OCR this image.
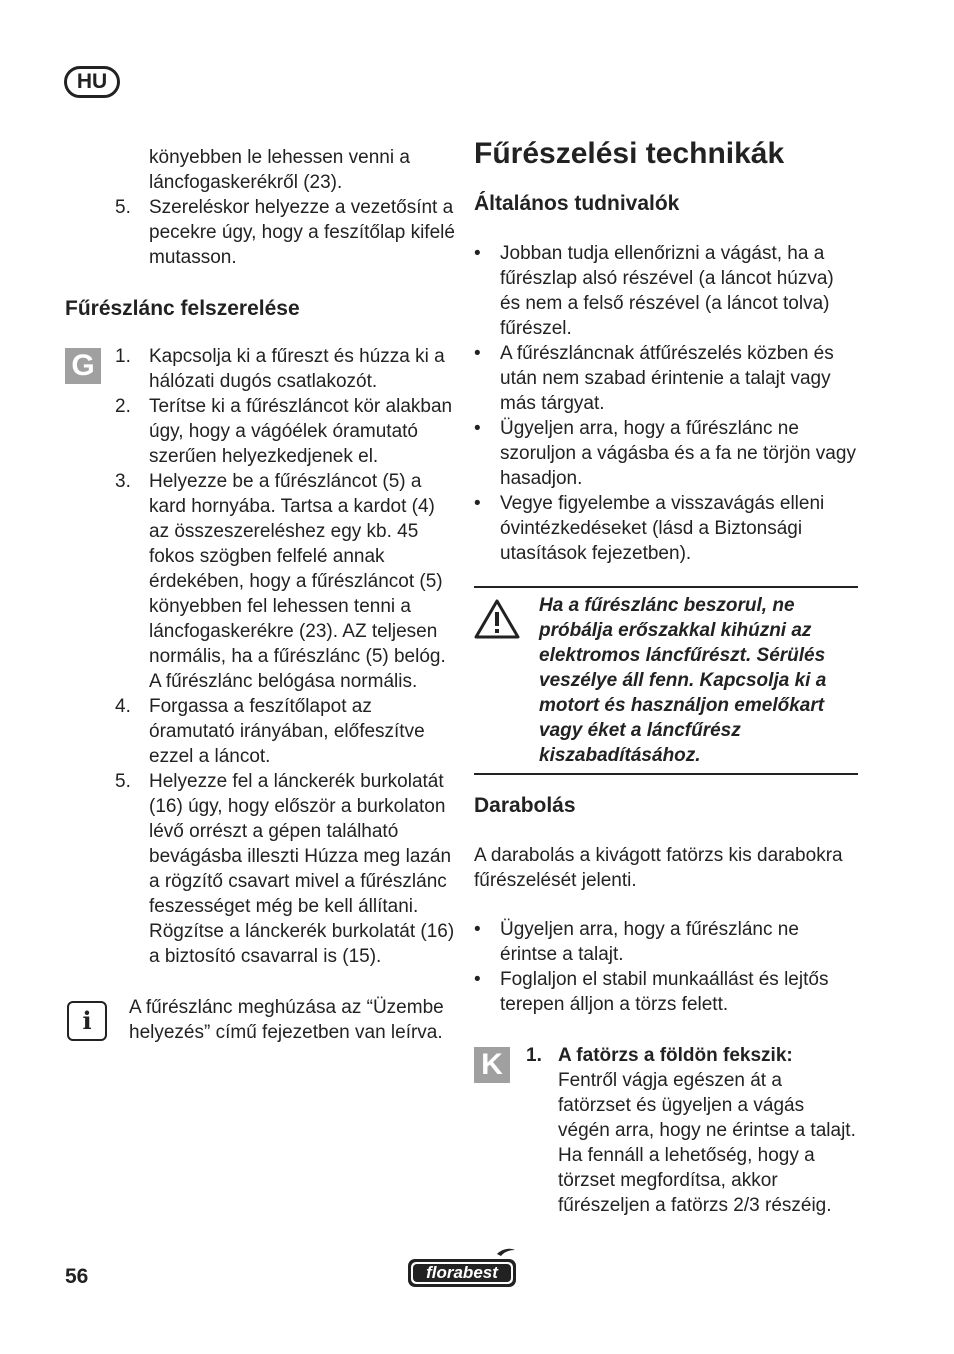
HU

könyebben le lehessen venni a láncfogaskerékről (23).

5. Szereléskor helyezze a vezetősínt a pecekre úgy, hogy a feszítőlap kifelé mutasson.
Fűrészlánc felszerelése
G	1. Kapcsolja ki a fűreszt és húzza ki a hálózati dugós csatlakozót.
2. Terítse ki a fűrészláncot kör alakban úgy, hogy a vágóélek óramutató szerűen helyezkedjenek el.
3. Helyezze be a fűrészláncot (5) a kard hornyába. Tartsa a kardot (4) az összeszereléshez egy kb. 45 fokos szögben felfelé annak érdekében, hogy a fűrészláncot (5) könyebben fel lehessen tenni a láncfogaskerékre (23). AZ teljesen normális, ha a fűrészlánc (5) belóg. A fűrészlánc belógása normális.
4. Forgassa a feszítőlapot az óramutató irányában, előfeszítve ezzel a láncot.
5. Helyezze fel a lánckerék burkolatát (16) úgy, hogy először a burkolaton lévő orrészt a gépen található bevágásba illeszti Húzza meg lazán a rögzítő csavart mivel a fűrészlánc feszességet még be kell állítani.

Rögzítse a lánckerék burkolatát (16) a biztosító csavarral is (15).

i	A fűrészlánc meghúzása az “Üzembe helyezés” című fejezetben van leírva.

Fűrészelési technikák
Általános tudnivalók
• Jobban tudja ellenőrizni a vágást, ha a fűrészlap alsó részével (a láncot húzva) és nem a felső részével (a láncot tolva) fűrészel.
• A fűrészláncnak átfűrészelés közben és után nem szabad érintenie a talajt vagy más tárgyat.
• Ügyeljen arra, hogy a fűrészlánc ne szoruljon a vágásba és a fa ne törjön vagy hasadjon.
• Vegye figyelembe a visszavágás elleni óvintézkedéseket (lásd a Biztonsági utasítások fejezetben).

Ha a fűrészlánc beszorul, ne próbálja erőszakkal kihúzni az elektromos láncfűrészt. Sérülés veszélye áll fenn. Kapcsolja ki a motort és használjon emelőkart vagy éket a láncfűrész kiszabadításához.

Darabolás

A darabolás a kivágott fatörzs kis darabokra fűrészelését jelenti.

• Ügyeljen arra, hogy a fűrészlánc ne érintse a talajt.
• Foglaljon el stabil munkaállást és lejtős terepen álljon a törzs felett.
K	1. A fatörzs a földön fekszik:

Fentről vágja egészen át a fatörzset és ügyeljen a vágás végén arra, hogy ne érintse a talajt. Ha fennáll a lehetőség, hogy a törzset megfordítsa, akkor fűrészeljen a fatörzs 2/3 részéig.

56	florabest
